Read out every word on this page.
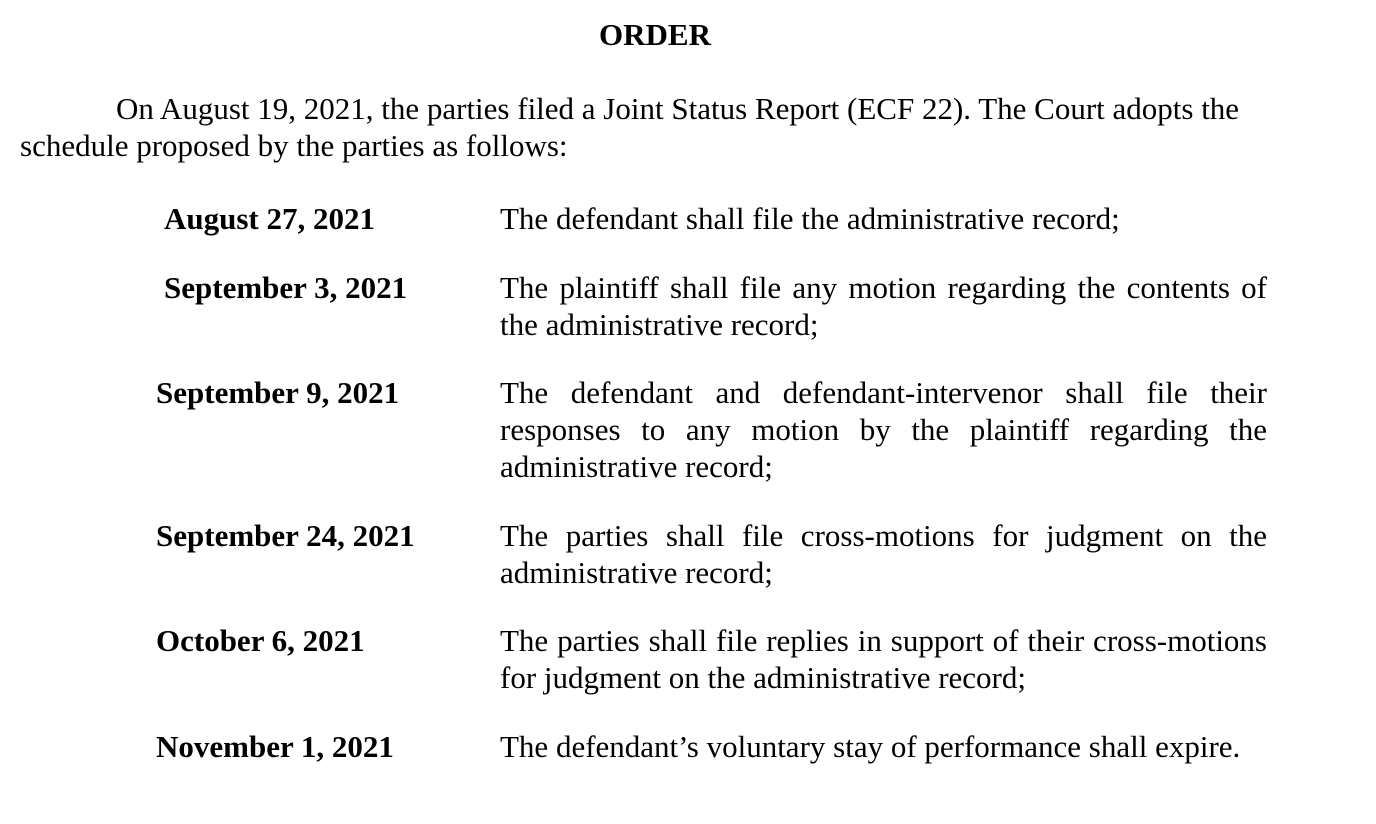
ORDER
On August 19, 2021, the parties filed a Joint Status Report (ECF 22). The Court adopts the schedule proposed by the parties as follows:
August 27, 2021	The defendant shall file the administrative record;
September 3, 2021	The plaintiff shall file any motion regarding the contents of the administrative record;
September 9, 2021	The defendant and defendant-intervenor shall file their responses to any motion by the plaintiff regarding the administrative record;
September 24, 2021	The parties shall file cross-motions for judgment on the administrative record;
October 6, 2021	The parties shall file replies in support of their cross-motions for judgment on the administrative record;
November 1, 2021	The defendant’s voluntary stay of performance shall expire.
